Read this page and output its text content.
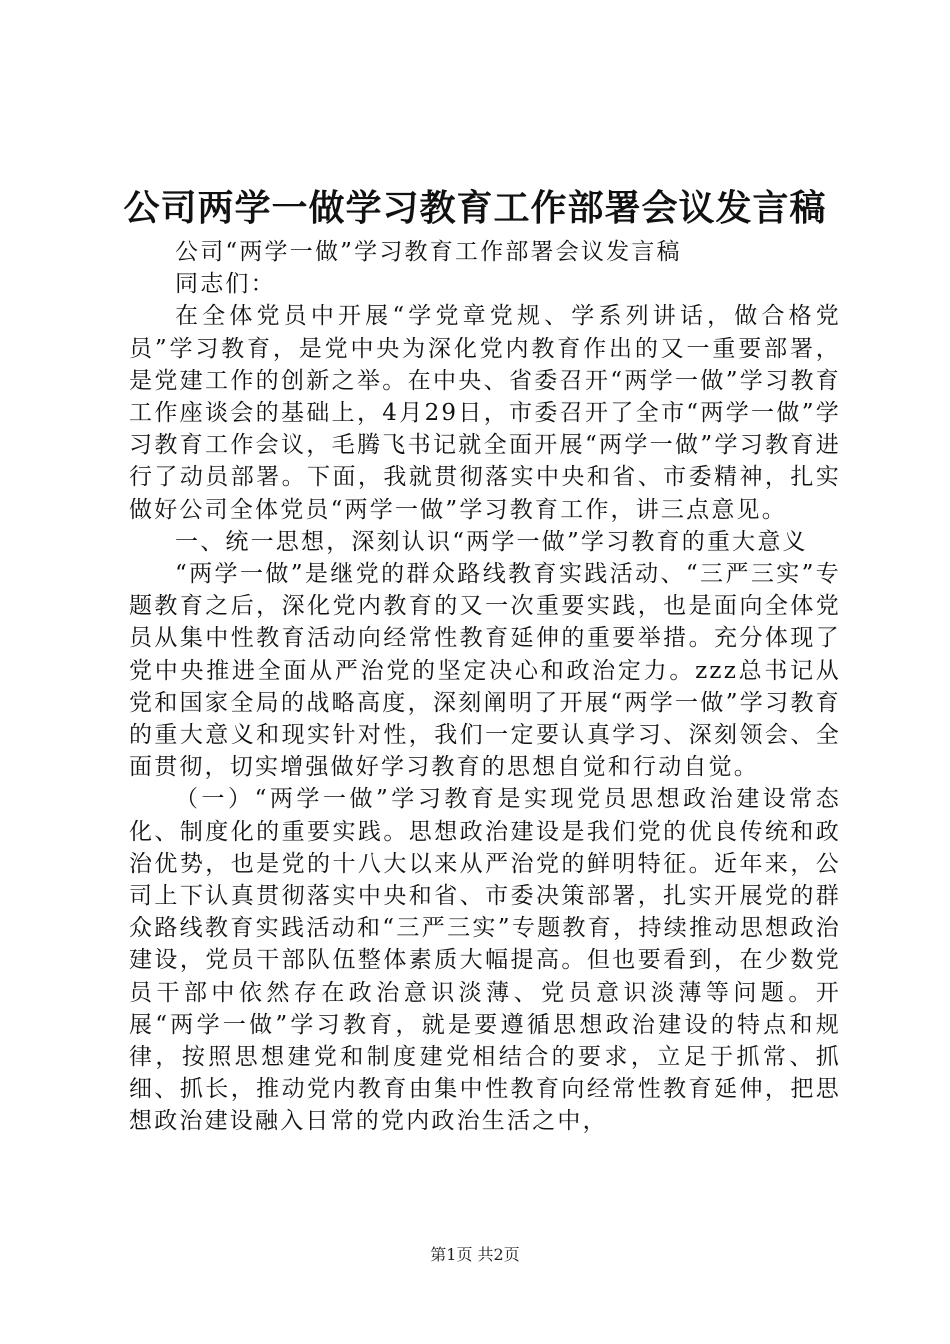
公司两学一做学习教育工作部署会议发言稿

公司“两学一做”学习教育工作部署会议发言稿

同志们：

在全体党员中开展“学党章党规、学系列讲话，做合格党员”学习教育，是党中央为深化党内教育作出的又一重要部署，是党建工作的创新之举。在中央、省委召开“两学一做”学习教育工作座谈会的基础上，4月29日，市委召开了全市“两学一做”学习教育工作会议，毛腾飞书记就全面开展“两学一做”学习教育进行了动员部署。下面，我就贯彻落实中央和省、市委精神，扎实做好公司全体党员“两学一做”学习教育工作，讲三点意见。

一、统一思想，深刻认识“两学一做”学习教育的重大意义

“两学一做”是继党的群众路线教育实践活动、“三严三实”专题教育之后，深化党内教育的又一次重要实践，也是面向全体党员从集中性教育活动向经常性教育延伸的重要举措。充分体现了党中央推进全面从严治党的坚定决心和政治定力。zzz总书记从党和国家全局的战略高度，深刻阐明了开展“两学一做”学习教育的重大意义和现实针对性，我们一定要认真学习、深刻领会、全面贯彻，切实增强做好学习教育的思想自觉和行动自觉。

（一）“两学一做”学习教育是实现党员思想政治建设常态化、制度化的重要实践。思想政治建设是我们党的优良传统和政治优势，也是党的十八大以来从严治党的鲜明特征。近年来，公司上下认真贯彻落实中央和省、市委决策部署，扎实开展党的群众路线教育实践活动和“三严三实”专题教育，持续推动思想政治建设，党员干部队伍整体素质大幅提高。但也要看到，在少数党员干部中依然存在政治意识淡薄、党员意识淡薄等问题。开展“两学一做”学习教育，就是要遵循思想政治建设的特点和规律，按照思想建党和制度建党相结合的要求，立足于抓常、抓细、抓长，推动党内教育由集中性教育向经常性教育延伸，把思想政治建设融入日常的党内政治生活之中，

第1页 共2页
